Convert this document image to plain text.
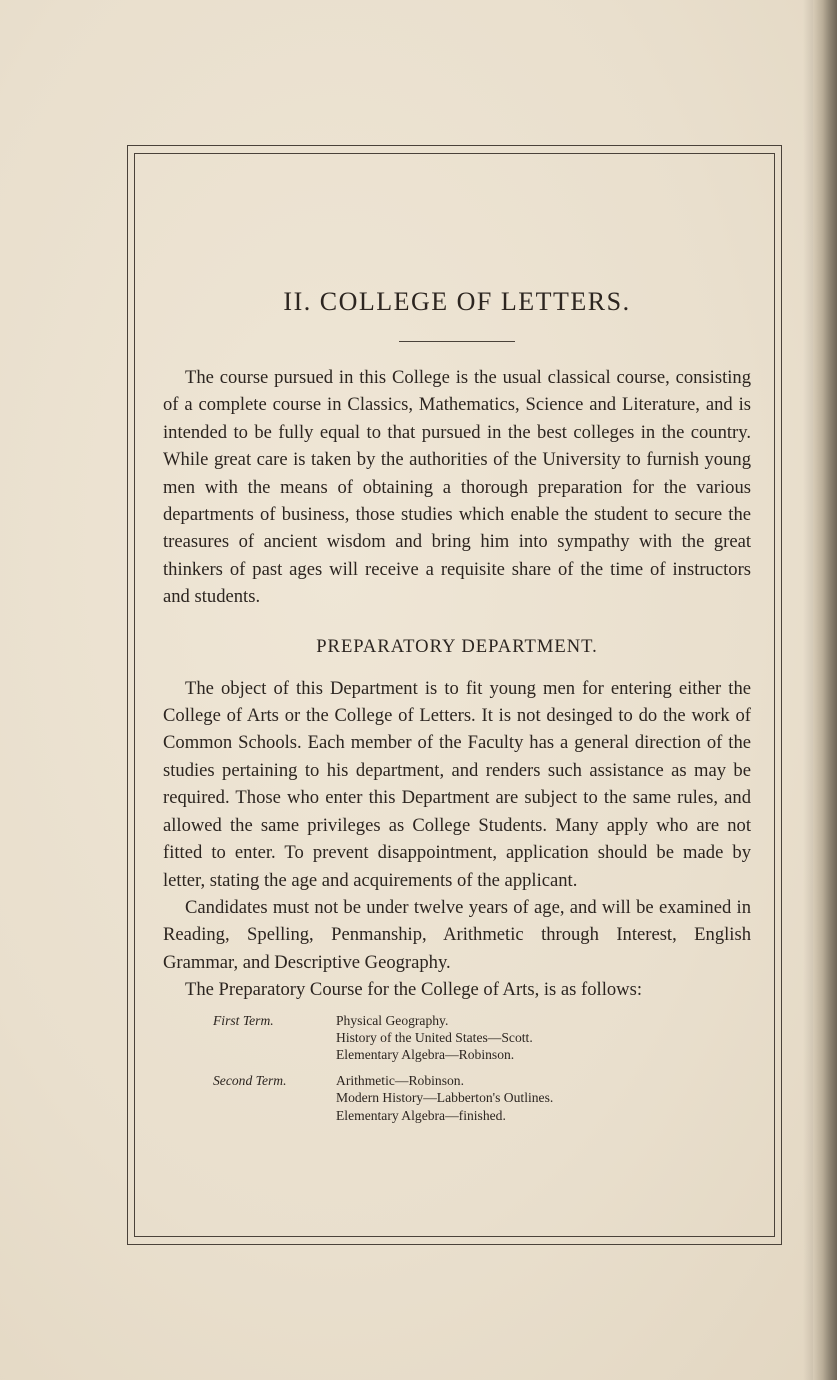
II. COLLEGE OF LETTERS.

The course pursued in this College is the usual classical course, consisting of a complete course in Classics, Mathematics, Science and Literature, and is intended to be fully equal to that pursued in the best colleges in the country. While great care is taken by the authorities of the University to furnish young men with the means of obtaining a thorough preparation for the various departments of business, those studies which enable the student to secure the treasures of ancient wisdom and bring him into sympathy with the great thinkers of past ages will receive a requisite share of the time of instructors and students.

PREPARATORY DEPARTMENT.

The object of this Department is to fit young men for entering either the College of Arts or the College of Letters. It is not desinged to do the work of Common Schools. Each member of the Faculty has a general direction of the studies pertaining to his department, and renders such assistance as may be required. Those who enter this Department are subject to the same rules, and allowed the same privileges as College Students. Many apply who are not fitted to enter. To prevent disappointment, application should be made by letter, stating the age and acquirements of the applicant.

Candidates must not be under twelve years of age, and will be examined in Reading, Spelling, Penmanship, Arithmetic through Interest, English Grammar, and Descriptive Geography.

The Preparatory Course for the College of Arts, is as follows:

First Term.	Physical Geography.
History of the United States—Scott.
Elementary Algebra—Robinson.
Second Term.	Arithmetic—Robinson.
Modern History—Labberton's Outlines.
Elementary Algebra—finished.
